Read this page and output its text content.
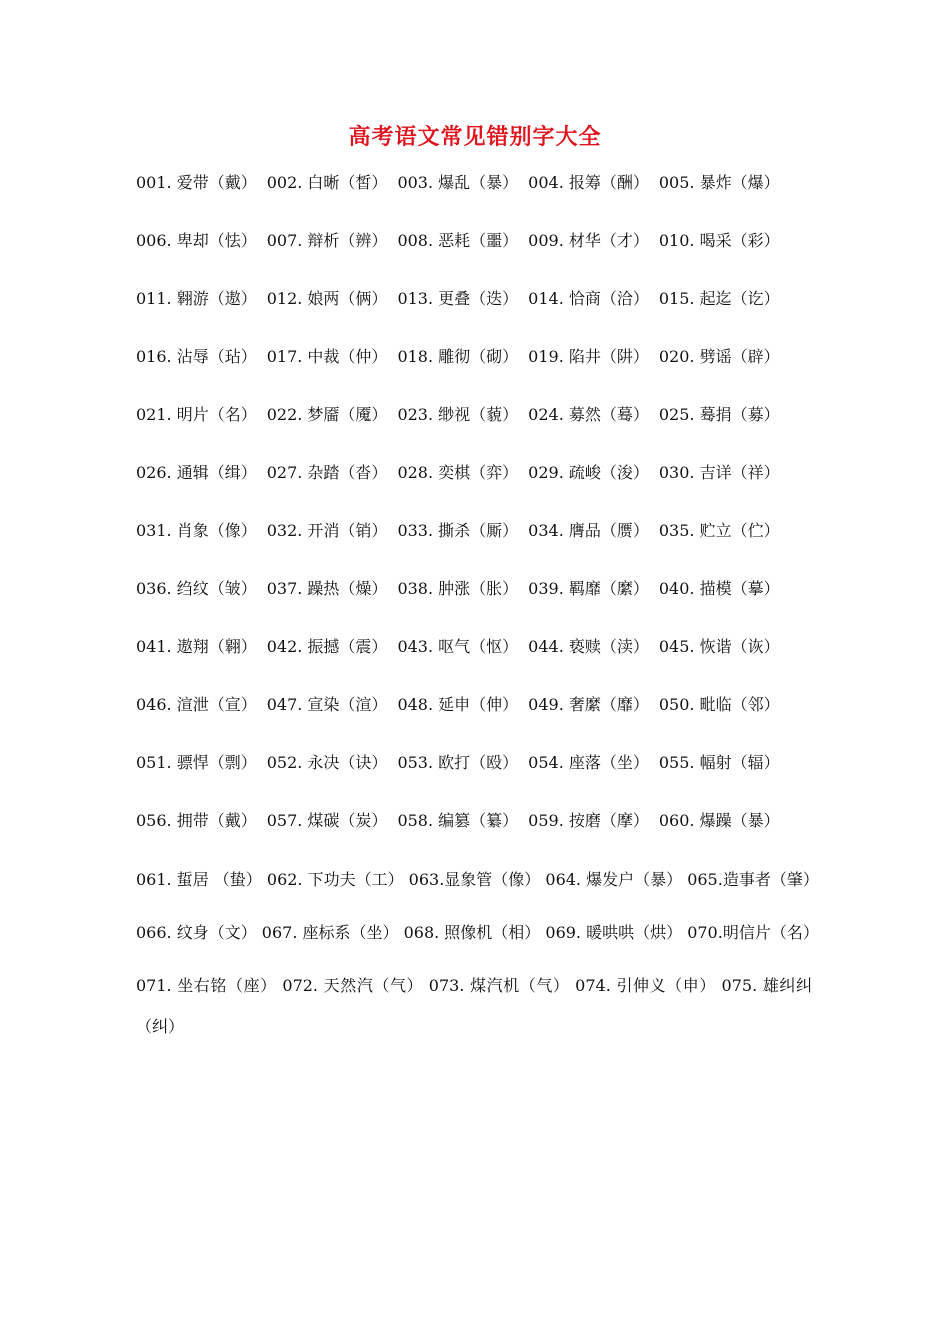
高考语文常见错别字大全
001. 爱带（戴） 002. 白晰（皙） 003. 爆乱（暴） 004. 报筹（酬） 005. 暴炸（爆）
006. 卑却（怯） 007. 辩析（辨） 008. 恶耗（噩） 009. 材华（才） 010. 喝采（彩）
011. 翱游（遨） 012. 娘两（俩） 013. 更叠（迭） 014. 恰商（洽） 015. 起迄（讫）
016. 沾辱（玷） 017. 中裁（仲） 018. 雕彻（砌） 019. 陷井（阱） 020. 劈谣（辟）
021. 明片（名） 022. 梦靥（魇） 023. 缈视（藐） 024. 募然（蓦） 025. 蓦捐（募）
026. 通辑（缉） 027. 杂踏（沓） 028. 奕棋（弈） 029. 疏峻（浚） 030. 吉详（祥）
031. 肖象（像） 032. 开消（销） 033. 撕杀（厮） 034. 膺品（赝） 035. 贮立（伫）
036. 绉纹（皱） 037. 躁热（燥） 038. 肿涨（胀） 039. 羁靡（縻） 040. 描模（摹）
041. 遨翔（翱） 042. 振撼（震） 043. 呕气（怄） 044. 亵赎（渎） 045. 恢谐（诙）
046. 渲泄（宣） 047. 宣染（渲） 048. 延申（伸） 049. 奢縻（靡） 050. 毗临（邻）
051. 骠悍（剽） 052. 永决（诀） 053. 欧打（殴） 054. 座落（坐） 055. 幅射（辐）
056. 拥带（戴） 057. 煤碳（炭） 058. 编篡（纂） 059. 按磨（摩） 060. 爆躁（暴）
061. 蜇居 （蛰） 062. 下功夫（工） 063.显象管（像） 064. 爆发户（暴） 065.造事者（肇）
066. 纹身（文） 067. 座标系（坐） 068. 照像机（相） 069. 暖哄哄（烘） 070.明信片（名）
071. 坐右铭（座） 072. 天然汽（气） 073. 煤汽机（气） 074. 引伸义（申） 075. 雄纠纠（纠）
